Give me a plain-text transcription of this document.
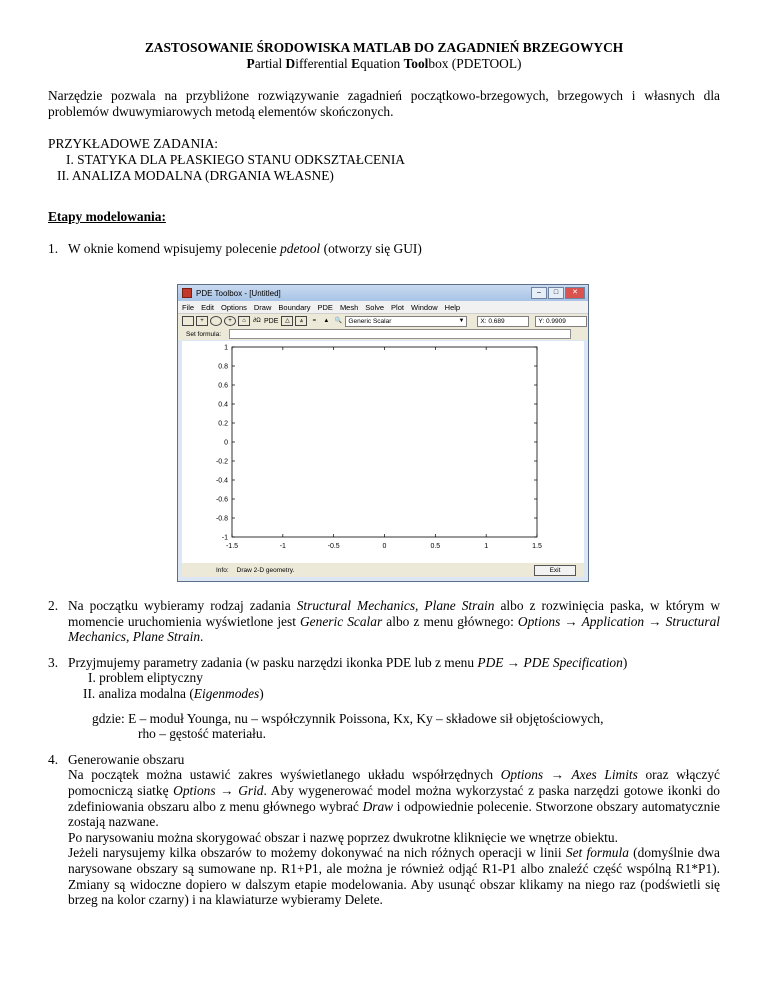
ZASTOSOWANIE ŚRODOWISKA MATLAB DO ZAGADNIEŃ BRZEGOWYCH

Partial Differential Equation Toolbox (PDETOOL)

Narzędzie pozwala na przybliżone rozwiązywanie zagadnień początkowo-brzegowych, brzegowych i własnych dla problemów dwuwymiarowych metodą elementów skończonych.

PRZYKŁADOWE ZADANIA:

I. STATYKA DLA PŁASKIEGO STANU ODKSZTAŁCENIA

II. ANALIZA MODALNA (DRGANIA WŁASNE)

Etapy modelowania:

1. W oknie komend wpisujemy polecenie pdetool (otworzy się GUI)

PDE Toolbox - [Untitled]	–	□	✕
File Edit Options Draw Boundary PDE Mesh Solve Plot Window Help
+	+	⌂	∂Ω PDE	△	⩓	=	▲ 🔍 Generic Scalar	▼	X: 0.689	Y: 0.9909
Set formula:
-1.5	-1	-0.5	0	0.5	1	1.5
1
0.8
0.6
0.4
0.2
0
-0.2
-0.4
-0.6
-0.8
-1
Info: Draw 2-D geometry.	Exit

2. Na początku wybieramy rodzaj zadania Structural Mechanics, Plane Strain albo z rozwinięcia paska, w którym w momencie uruchomienia wyświetlone jest Generic Scalar albo z menu głównego: Options → Application → Structural Mechanics, Plane Strain.

3. Przyjmujemy parametry zadania (w pasku narzędzi ikonka PDE lub z menu PDE → PDE Specification)

I. problem eliptyczny

II. analiza modalna (Eigenmodes)

gdzie: E – moduł Younga, nu – współczynnik Poissona, Kx, Ky – składowe sił objętościowych,

rho – gęstość materiału.

4. Generowanie obszaru

Na początek można ustawić zakres wyświetlanego układu współrzędnych Options → Axes Limits oraz włączyć pomocniczą siatkę Options → Grid. Aby wygenerować model można wykorzystać z paska narzędzi gotowe ikonki do zdefiniowania obszaru albo z menu głównego wybrać Draw i odpowiednie polecenie. Stworzone obszary automatycznie zostają nazwane.

Po narysowaniu można skorygować obszar i nazwę poprzez dwukrotne kliknięcie we wnętrze obiektu.

Jeżeli narysujemy kilka obszarów to możemy dokonywać na nich różnych operacji w linii Set formula (domyślnie dwa narysowane obszary są sumowane np. R1+P1, ale można je również odjąć R1-P1 albo znaleźć część wspólną R1*P1). Zmiany są widoczne dopiero w dalszym etapie modelowania. Aby usunąć obszar klikamy na niego raz (podświetli się brzeg na kolor czarny) i na klawiaturze wybieramy Delete.
